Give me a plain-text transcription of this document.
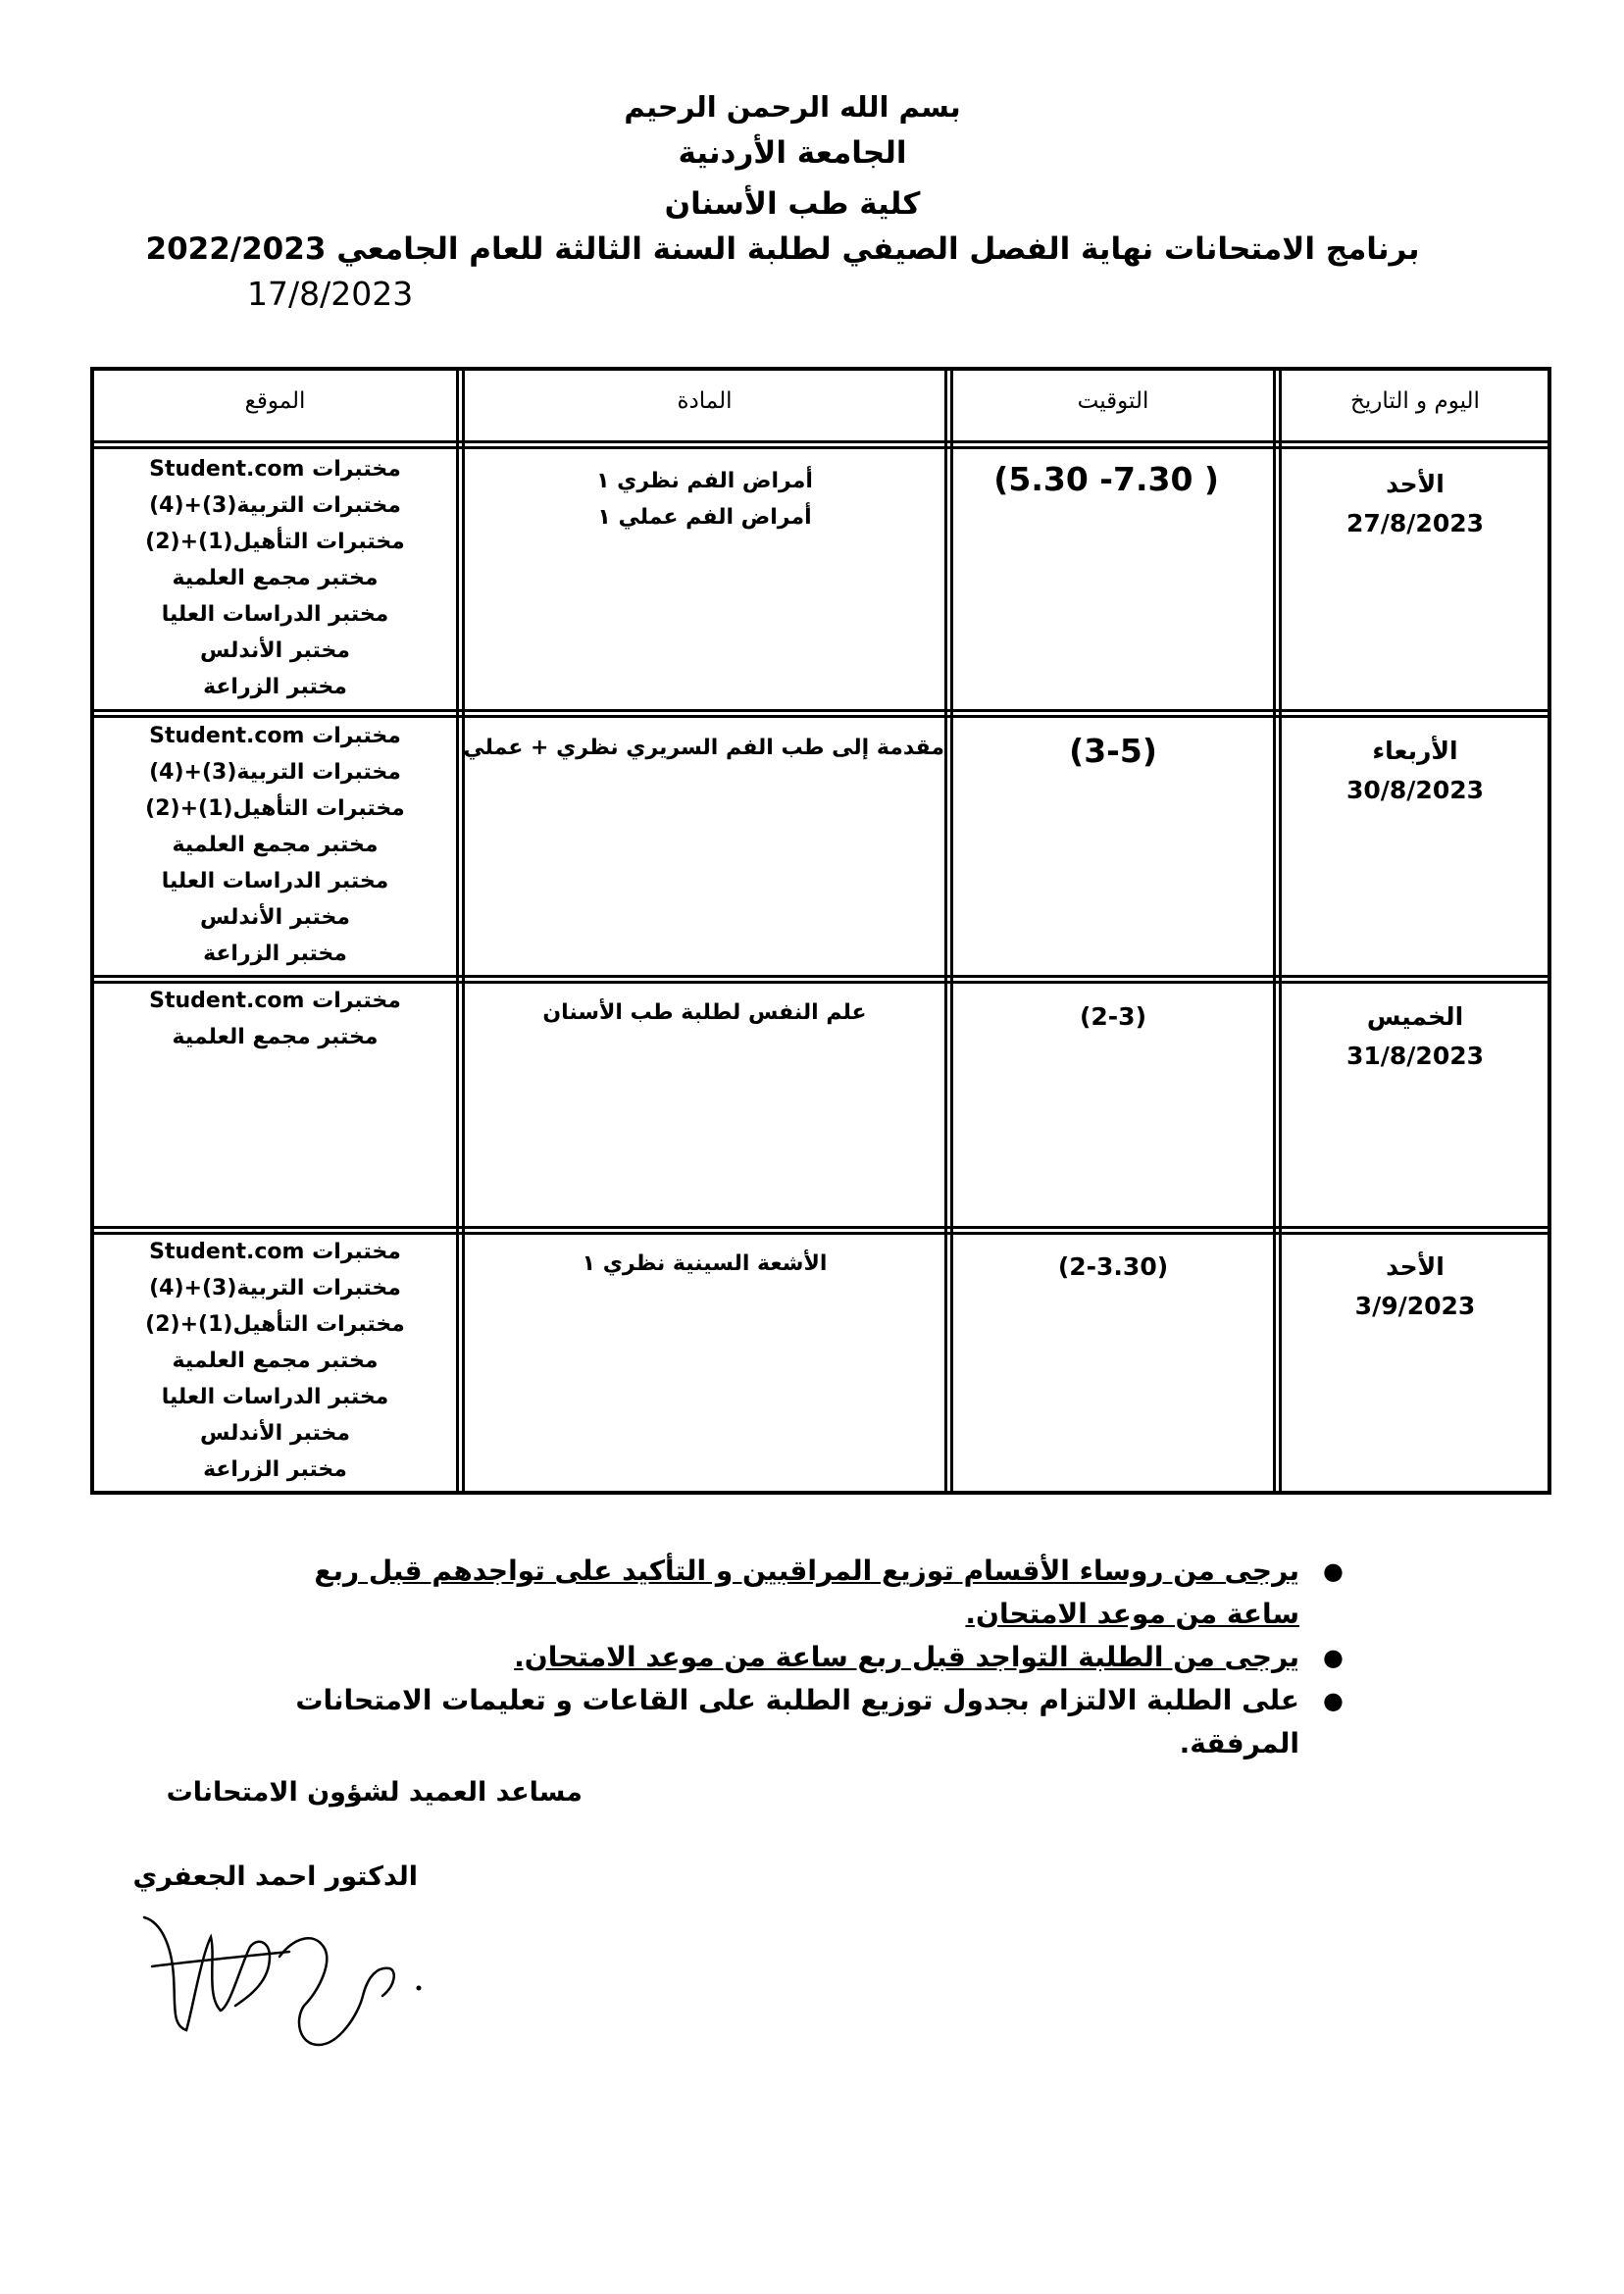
بسم الله الرحمن الرحيم
الجامعة الأردنية
كلية طب الأسنان
برنامج الامتحانات نهاية الفصل الصيفي لطلبة السنة الثالثة للعام الجامعي 2022/2023
17/8/2023
اليوم و التاريخ
التوقيت
المادة
الموقع
الأحد
27/8/2023
( 7.30- 5.30)
أمراض الفم نظري ١
أمراض الفم عملي ١
مختبرات Student.com
مختبرات التربية(3)+(4)
مختبرات التأهيل(1)+(2)
مختبر مجمع العلمية
مختبر الدراسات العليا
مختبر الأندلس
مختبر الزراعة
الأربعاء
30/8/2023
(3-5)
مقدمة إلى طب الفم السريري نظري + عملي
مختبرات Student.com
مختبرات التربية(3)+(4)
مختبرات التأهيل(1)+(2)
مختبر مجمع العلمية
مختبر الدراسات العليا
مختبر الأندلس
مختبر الزراعة
الخميس
31/8/2023
(2-3)
علم النفس لطلبة طب الأسنان
مختبرات Student.com
مختبر مجمع العلمية
الأحد
3/9/2023
(2-3.30)
الأشعة السينية نظري ١
مختبرات Student.com
مختبرات التربية(3)+(4)
مختبرات التأهيل(1)+(2)
مختبر مجمع العلمية
مختبر الدراسات العليا
مختبر الأندلس
مختبر الزراعة
●
يرجى من روساء الأقسام توزيع المراقبين و التأكيد على تواجدهم قبل ربع ساعة من موعد الامتحان.
●
يرجى من الطلبة التواجد قبل ربع ساعة من موعد الامتحان.
●
على الطلبة الالتزام بجدول توزيع الطلبة على القاعات و تعليمات الامتحانات المرفقة.
مساعد العميد لشؤون الامتحانات
الدكتور احمد الجعفري
